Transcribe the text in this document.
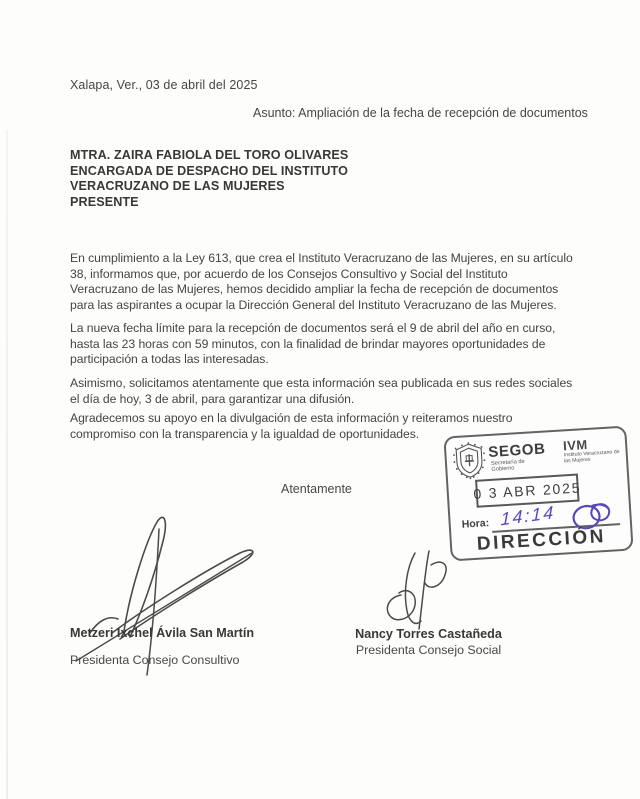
Xalapa, Ver., 03 de abril del 2025
Asunto: Ampliación de la fecha de recepción de documentos
MTRA. ZAIRA FABIOLA DEL TORO OLIVARES
ENCARGADA DE DESPACHO DEL INSTITUTO
VERACRUZANO DE LAS MUJERES
PRESENTE
En cumplimiento a la Ley 613, que crea el Instituto Veracruzano de las Mujeres, en su artículo 38, informamos que, por acuerdo de los Consejos Consultivo y Social del Instituto Veracruzano de las Mujeres, hemos decidido ampliar la fecha de recepción de documentos para las aspirantes a ocupar la Dirección General del Instituto Veracruzano de las Mujeres.
La nueva fecha límite para la recepción de documentos será el 9 de abril del año en curso, hasta las 23 horas con 59 minutos, con la finalidad de brindar mayores oportunidades de participación a todas las interesadas.
Asimismo, solicitamos atentamente que esta información sea publicada en sus redes sociales el día de hoy, 3 de abril, para garantizar una difusión.
Agradecemos su apoyo en la divulgación de esta información y reiteramos nuestro compromiso con la transparencia y la igualdad de oportunidades.
Atentamente
SEGOB
Secretaría de Gobierno
IVM
Instituto Veracruzano de las Mujeres
0 3 ABR 2025
Hora: 14:14
DIRECCIÓN
Metzeri Ixchel Ávila San Martín
Presidenta Consejo Consultivo
Nancy Torres Castañeda
Presidenta Consejo Social
